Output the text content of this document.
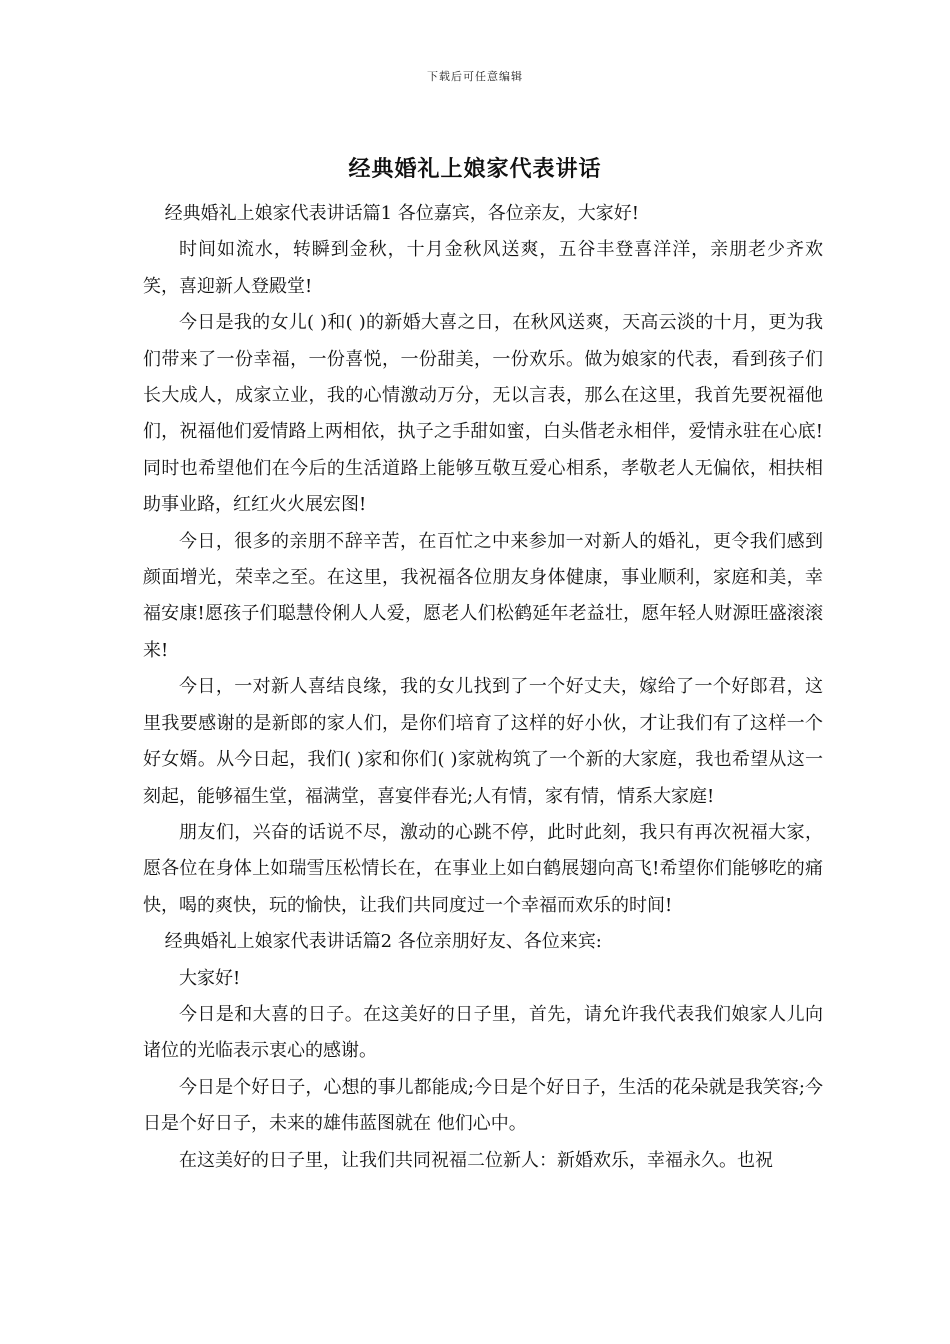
下载后可任意编辑
经典婚礼上娘家代表讲话

经典婚礼上娘家代表讲话篇1 各位嘉宾，各位亲友，大家好!

时间如流水，转瞬到金秋，十月金秋风送爽，五谷丰登喜洋洋，亲朋老少齐欢笑，喜迎新人登殿堂!

今日是我的女儿( )和( )的新婚大喜之日，在秋风送爽，天高云淡的十月，更为我们带来了一份幸福，一份喜悦，一份甜美，一份欢乐。做为娘家的代表，看到孩子们长大成人，成家立业，我的心情激动万分，无以言表，那么在这里，我首先要祝福他们，祝福他们爱情路上两相依，执子之手甜如蜜，白头偕老永相伴，爱情永驻在心底!同时也希望他们在今后的生活道路上能够互敬互爱心相系，孝敬老人无偏依，相扶相助事业路，红红火火展宏图!

今日，很多的亲朋不辞辛苦，在百忙之中来参加一对新人的婚礼，更令我们感到颜面增光，荣幸之至。在这里，我祝福各位朋友身体健康，事业顺利，家庭和美，幸福安康!愿孩子们聪慧伶俐人人爱，愿老人们松鹤延年老益壮，愿年轻人财源旺盛滚滚来!

今日，一对新人喜结良缘，我的女儿找到了一个好丈夫，嫁给了一个好郎君，这里我要感谢的是新郎的家人们，是你们培育了这样的好小伙，才让我们有了这样一个好女婿。从今日起，我们( )家和你们( )家就构筑了一个新的大家庭，我也希望从这一刻起，能够福生堂，福满堂，喜宴伴春光;人有情，家有情，情系大家庭!

朋友们，兴奋的话说不尽，激动的心跳不停，此时此刻，我只有再次祝福大家，愿各位在身体上如瑞雪压松情长在，在事业上如白鹤展翅向高飞!希望你们能够吃的痛快，喝的爽快，玩的愉快，让我们共同度过一个幸福而欢乐的时间!

经典婚礼上娘家代表讲话篇2 各位亲朋好友、各位来宾:

大家好!

今日是和大喜的日子。在这美好的日子里，首先，请允许我代表我们娘家人儿向诸位的光临表示衷心的感谢。

今日是个好日子，心想的事儿都能成;今日是个好日子，生活的花朵就是我笑容;今日是个好日子，未来的雄伟蓝图就在 他们心中。

在这美好的日子里，让我们共同祝福二位新人：新婚欢乐，幸福永久。也祝
